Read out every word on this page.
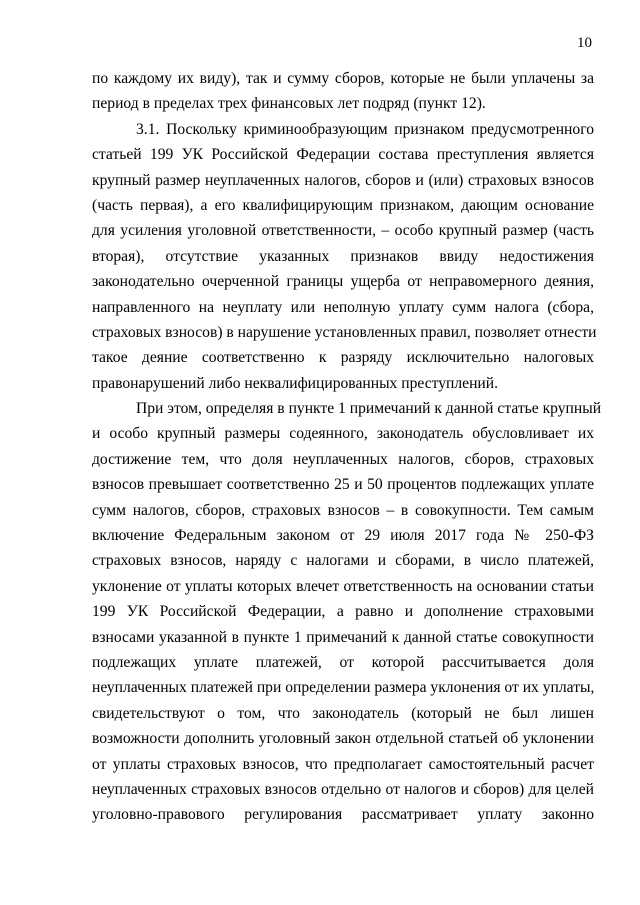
10
по каждому их виду), так и сумму сборов, которые не были уплачены за
период в пределах трех финансовых лет подряд (пункт 12).
3.1. Поскольку криминообразующим признаком предусмотренного
статьей 199 УК Российской Федерации состава преступления является
крупный размер неуплаченных налогов, сборов и (или) страховых взносов
(часть первая), а его квалифицирующим признаком, дающим основание
для усиления уголовной ответственности, – особо крупный размер (часть
вторая), отсутствие указанных признаков ввиду недостижения
законодательно очерченной границы ущерба от неправомерного деяния,
направленного на неуплату или неполную уплату сумм налога (сбора,
страховых взносов) в нарушение установленных правил, позволяет отнести
такое деяние соответственно к разряду исключительно налоговых
правонарушений либо неквалифицированных преступлений.
При этом, определяя в пункте 1 примечаний к данной статье крупный
и особо крупный размеры содеянного, законодатель обусловливает их
достижение тем, что доля неуплаченных налогов, сборов, страховых
взносов превышает соответственно 25 и 50 процентов подлежащих уплате
сумм налогов, сборов, страховых взносов – в совокупности. Тем самым
включение Федеральным законом от 29 июля 2017 года № 250-ФЗ
страховых взносов, наряду с налогами и сборами, в число платежей,
уклонение от уплаты которых влечет ответственность на основании статьи
199 УК Российской Федерации, а равно и дополнение страховыми
взносами указанной в пункте 1 примечаний к данной статье совокупности
подлежащих уплате платежей, от которой рассчитывается доля
неуплаченных платежей при определении размера уклонения от их уплаты,
свидетельствуют о том, что законодатель (который не был лишен
возможности дополнить уголовный закон отдельной статьей об уклонении
от уплаты страховых взносов, что предполагает самостоятельный расчет
неуплаченных страховых взносов отдельно от налогов и сборов) для целей
уголовно-правового регулирования рассматривает уплату законно
